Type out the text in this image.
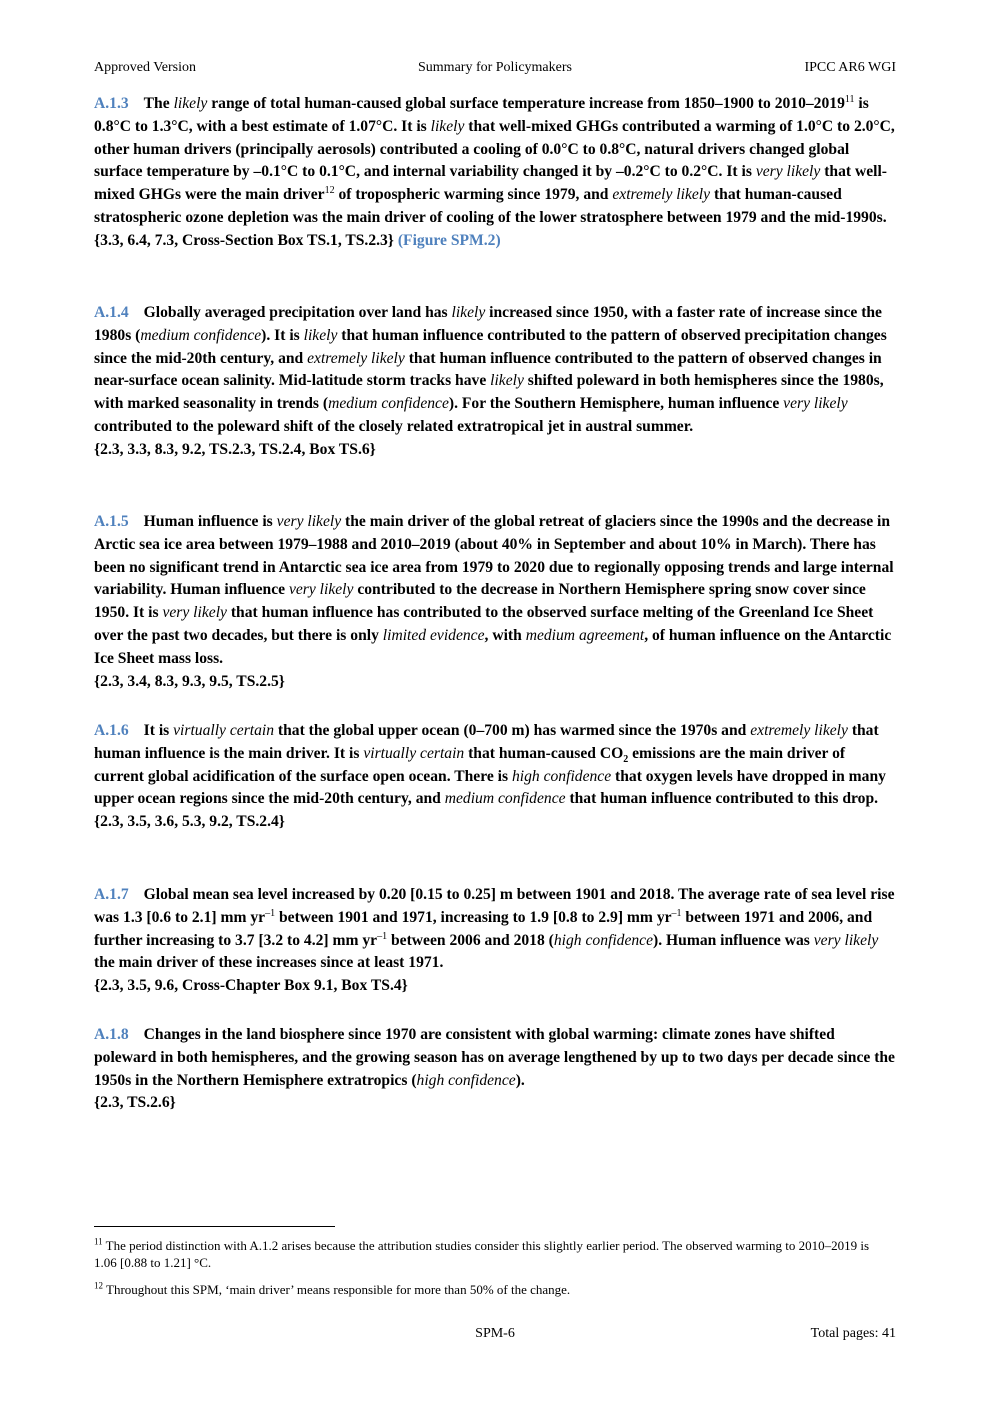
Approved Version	Summary for Policymakers	IPCC AR6 WGI
A.1.3 The likely range of total human-caused global surface temperature increase from 1850–1900 to 2010–2019$^{11}$ is 0.8°C to 1.3°C, with a best estimate of 1.07°C. It is likely that well-mixed GHGs contributed a warming of 1.0°C to 2.0°C, other human drivers (principally aerosols) contributed a cooling of 0.0°C to 0.8°C, natural drivers changed global surface temperature by –0.1°C to 0.1°C, and internal variability changed it by –0.2°C to 0.2°C. It is very likely that well-mixed GHGs were the main driver$^{12}$ of tropospheric warming since 1979, and extremely likely that human-caused stratospheric ozone depletion was the main driver of cooling of the lower stratosphere between 1979 and the mid-1990s.
{3.3, 6.4, 7.3, Cross-Section Box TS.1, TS.2.3} (Figure SPM.2)
A.1.4 Globally averaged precipitation over land has likely increased since 1950, with a faster rate of increase since the 1980s (medium confidence). It is likely that human influence contributed to the pattern of observed precipitation changes since the mid-20th century, and extremely likely that human influence contributed to the pattern of observed changes in near-surface ocean salinity. Mid-latitude storm tracks have likely shifted poleward in both hemispheres since the 1980s, with marked seasonality in trends (medium confidence). For the Southern Hemisphere, human influence very likely contributed to the poleward shift of the closely related extratropical jet in austral summer.
{2.3, 3.3, 8.3, 9.2, TS.2.3, TS.2.4, Box TS.6}
A.1.5 Human influence is very likely the main driver of the global retreat of glaciers since the 1990s and the decrease in Arctic sea ice area between 1979–1988 and 2010–2019 (about 40% in September and about 10% in March). There has been no significant trend in Antarctic sea ice area from 1979 to 2020 due to regionally opposing trends and large internal variability. Human influence very likely contributed to the decrease in Northern Hemisphere spring snow cover since 1950. It is very likely that human influence has contributed to the observed surface melting of the Greenland Ice Sheet over the past two decades, but there is only limited evidence, with medium agreement, of human influence on the Antarctic Ice Sheet mass loss.
{2.3, 3.4, 8.3, 9.3, 9.5, TS.2.5}
A.1.6 It is virtually certain that the global upper ocean (0–700 m) has warmed since the 1970s and extremely likely that human influence is the main driver. It is virtually certain that human-caused $CO_2$ emissions are the main driver of current global acidification of the surface open ocean. There is high confidence that oxygen levels have dropped in many upper ocean regions since the mid-20th century, and medium confidence that human influence contributed to this drop.
{2.3, 3.5, 3.6, 5.3, 9.2, TS.2.4}
A.1.7 Global mean sea level increased by 0.20 [0.15 to 0.25] m between 1901 and 2018. The average rate of sea level rise was 1.3 [0.6 to 2.1] mm $yr^{-1}$ between 1901 and 1971, increasing to 1.9 [0.8 to 2.9] mm $yr^{-1}$ between 1971 and 2006, and further increasing to 3.7 [3.2 to 4.2] mm $yr^{-1}$ between 2006 and 2018 (high confidence). Human influence was very likely the main driver of these increases since at least 1971.
{2.3, 3.5, 9.6, Cross-Chapter Box 9.1, Box TS.4}
A.1.8 Changes in the land biosphere since 1970 are consistent with global warming: climate zones have shifted poleward in both hemispheres, and the growing season has on average lengthened by up to two days per decade since the 1950s in the Northern Hemisphere extratropics (high confidence).
{2.3, TS.2.6}
$^{11}$ The period distinction with A.1.2 arises because the attribution studies consider this slightly earlier period. The observed warming to 2010–2019 is 1.06 [0.88 to 1.21] °C.
$^{12}$ Throughout this SPM, ‘main driver’ means responsible for more than 50% of the change.
SPM-6	Total pages: 41
